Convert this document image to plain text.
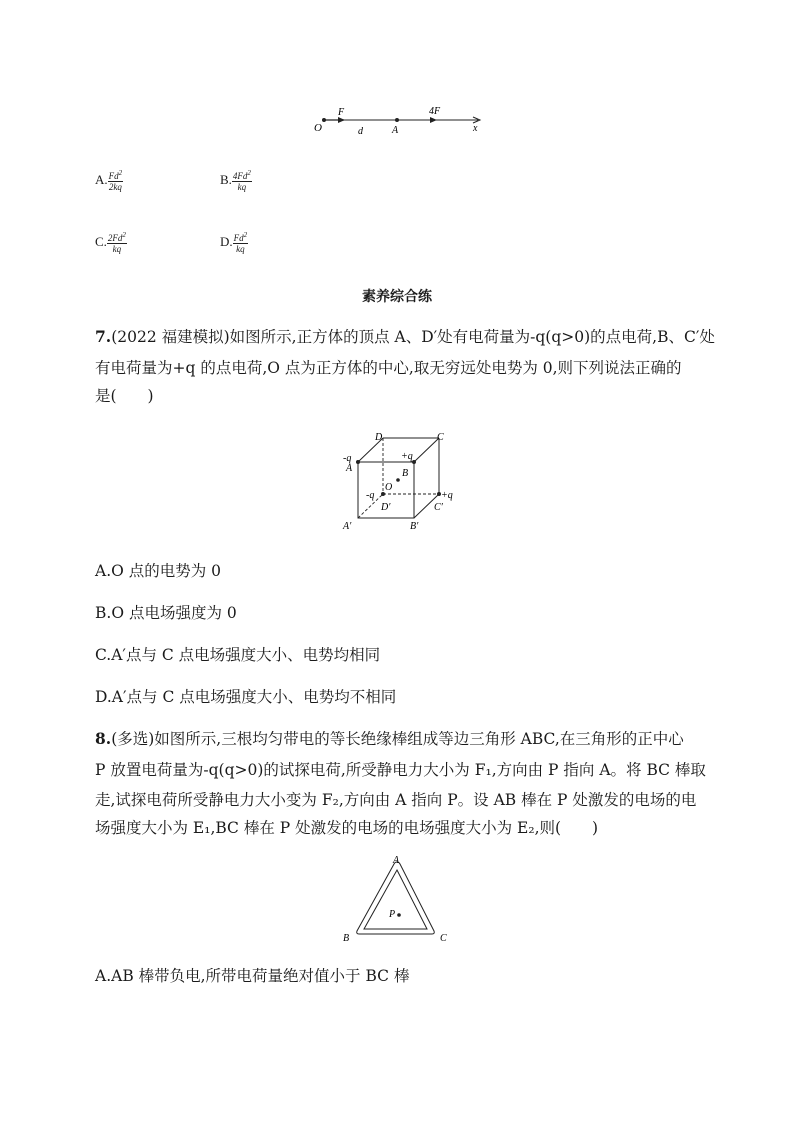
O
F
d	A
4F
x
A. $\frac{Fd^2}{2kq}$	B. $\frac{4Fd^2}{kq}$
C. $\frac{2Fd^2}{kq}$	D. $\frac{Fd^2}{kq}$
素养综合练
7.(2022 福建模拟)如图所示,正方体的顶点 A、D′处有电荷量为-q(q>0)的点电荷,B、C′处
有电荷量为+q 的点电荷,O 点为正方体的中心,取无穷远处电势为 0,则下列说法正确的
是(　　)
D	C
-q
A
+q
B
O
-q
D′
+q
C′
A′	B′
A.O 点的电势为 0
B.O 点电场强度为 0
C.A′点与 C 点电场强度大小、电势均相同
D.A′点与 C 点电场强度大小、电势均不相同
8.(多选)如图所示,三根均匀带电的等长绝缘棒组成等边三角形 ABC,在三角形的正中心
P 放置电荷量为-q(q>0)的试探电荷,所受静电力大小为 F₁,方向由 P 指向 A。将 BC 棒取
走,试探电荷所受静电力大小变为 F₂,方向由 A 指向 P。设 AB 棒在 P 处激发的电场的电
场强度大小为 E₁,BC 棒在 P 处激发的电场的电场强度大小为 E₂,则(　　)
A
B	C
P
A.AB 棒带负电,所带电荷量绝对值小于 BC 棒
